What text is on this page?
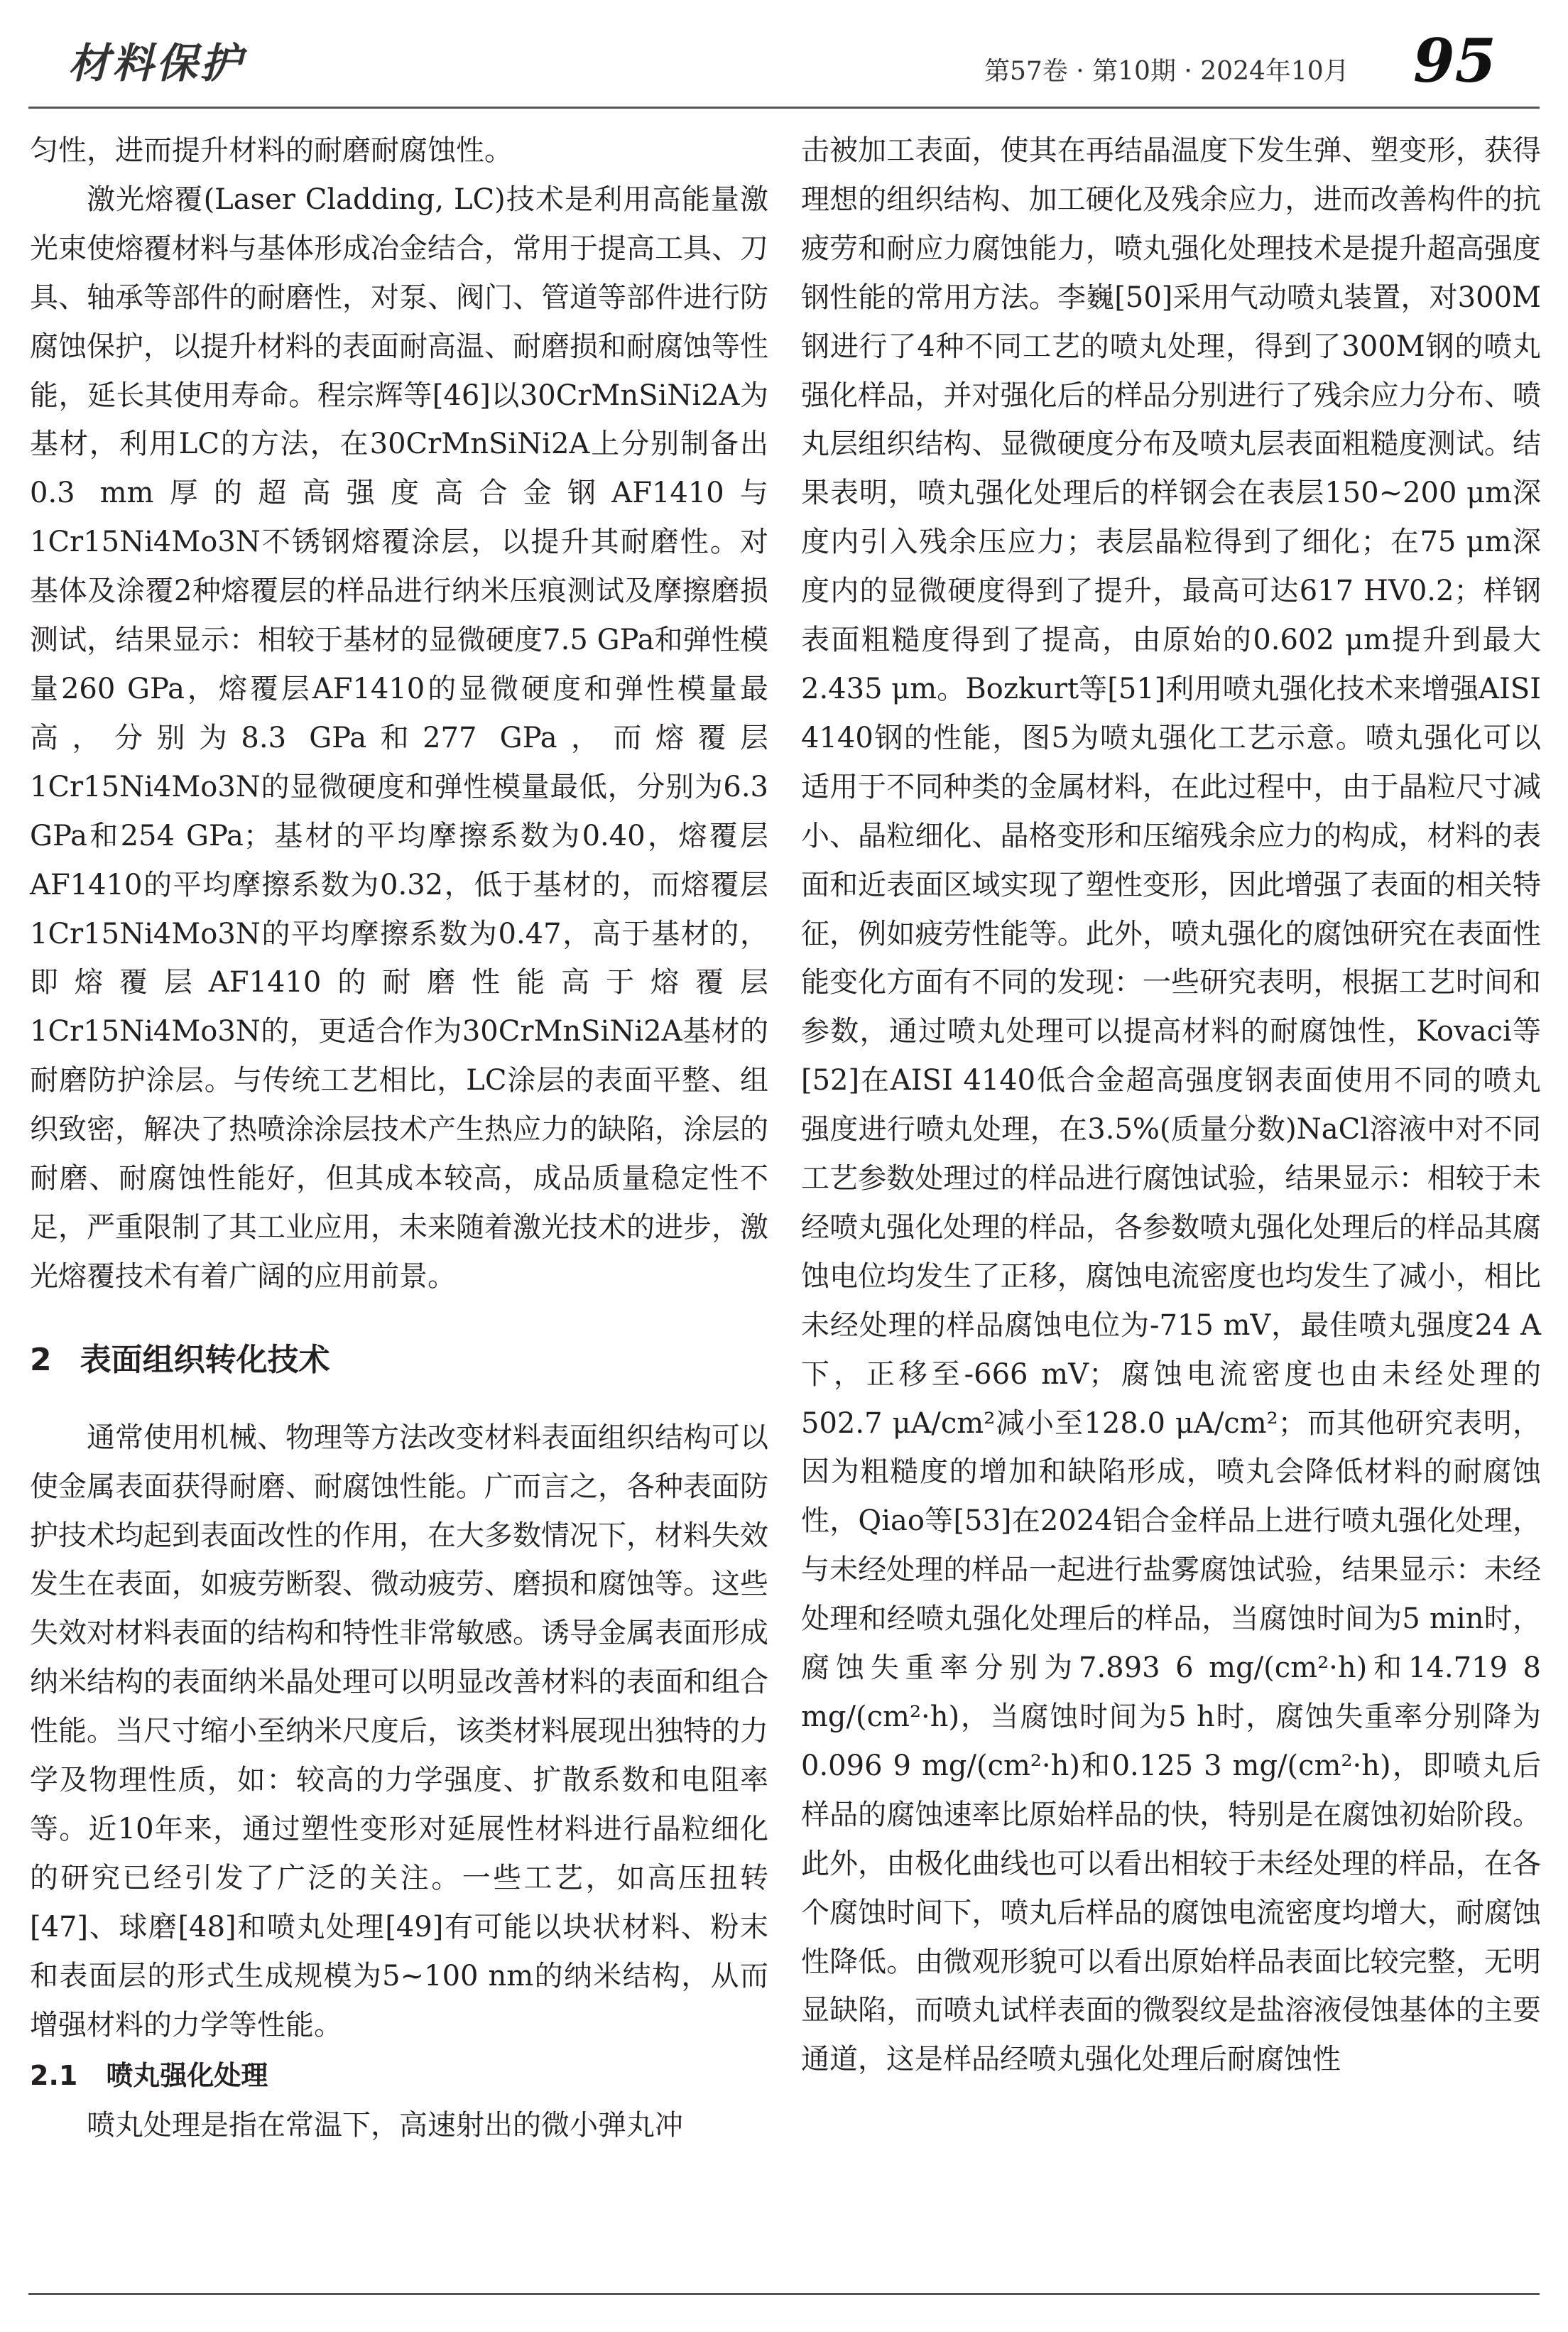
材料保护	第57卷 · 第10期 · 2024年10月 95

匀性，进而提升材料的耐磨耐腐蚀性。

激光熔覆(Laser Cladding, LC)技术是利用高能量激光束使熔覆材料与基体形成冶金结合，常用于提高工具、刀具、轴承等部件的耐磨性，对泵、阀门、管道等部件进行防腐蚀保护，以提升材料的表面耐高温、耐磨损和耐腐蚀等性能，延长其使用寿命。程宗辉等[46]以30CrMnSiNi2A为基材，利用LC的方法，在30CrMnSiNi2A上分别制备出0.3 mm厚的超高强度高合金钢AF1410与1Cr15Ni4Mo3N不锈钢熔覆涂层，以提升其耐磨性。对基体及涂覆2种熔覆层的样品进行纳米压痕测试及摩擦磨损测试，结果显示：相较于基材的显微硬度7.5 GPa和弹性模量260 GPa，熔覆层AF1410的显微硬度和弹性模量最高，分别为8.3 GPa和277 GPa，而熔覆层1Cr15Ni4Mo3N的显微硬度和弹性模量最低，分别为6.3 GPa和254 GPa；基材的平均摩擦系数为0.40，熔覆层AF1410的平均摩擦系数为0.32，低于基材的，而熔覆层1Cr15Ni4Mo3N的平均摩擦系数为0.47，高于基材的，即熔覆层AF1410的耐磨性能高于熔覆层1Cr15Ni4Mo3N的，更适合作为30CrMnSiNi2A基材的耐磨防护涂层。与传统工艺相比，LC涂层的表面平整、组织致密，解决了热喷涂涂层技术产生热应力的缺陷，涂层的耐磨、耐腐蚀性能好，但其成本较高，成品质量稳定性不足，严重限制了其工业应用，未来随着激光技术的进步，激光熔覆技术有着广阔的应用前景。

2 表面组织转化技术

通常使用机械、物理等方法改变材料表面组织结构可以使金属表面获得耐磨、耐腐蚀性能。广而言之，各种表面防护技术均起到表面改性的作用，在大多数情况下，材料失效发生在表面，如疲劳断裂、微动疲劳、磨损和腐蚀等。这些失效对材料表面的结构和特性非常敏感。诱导金属表面形成纳米结构的表面纳米晶处理可以明显改善材料的表面和组合性能。当尺寸缩小至纳米尺度后，该类材料展现出独特的力学及物理性质，如：较高的力学强度、扩散系数和电阻率等。近10年来，通过塑性变形对延展性材料进行晶粒细化的研究已经引发了广泛的关注。一些工艺，如高压扭转[47]、球磨[48]和喷丸处理[49]有可能以块状材料、粉末和表面层的形式生成规模为5~100 nm的纳米结构，从而增强材料的力学等性能。

2.1 喷丸强化处理

喷丸处理是指在常温下，高速射出的微小弹丸冲

击被加工表面，使其在再结晶温度下发生弹、塑变形，获得理想的组织结构、加工硬化及残余应力，进而改善构件的抗疲劳和耐应力腐蚀能力，喷丸强化处理技术是提升超高强度钢性能的常用方法。李巍[50]采用气动喷丸装置，对300M钢进行了4种不同工艺的喷丸处理，得到了300M钢的喷丸强化样品，并对强化后的样品分别进行了残余应力分布、喷丸层组织结构、显微硬度分布及喷丸层表面粗糙度测试。结果表明，喷丸强化处理后的样钢会在表层150~200 μm深度内引入残余压应力；表层晶粒得到了细化；在75 μm深度内的显微硬度得到了提升，最高可达617 HV0.2；样钢表面粗糙度得到了提高，由原始的0.602 μm提升到最大2.435 μm。Bozkurt等[51]利用喷丸强化技术来增强AISI 4140钢的性能，图5为喷丸强化工艺示意。喷丸强化可以适用于不同种类的金属材料，在此过程中，由于晶粒尺寸减小、晶粒细化、晶格变形和压缩残余应力的构成，材料的表面和近表面区域实现了塑性变形，因此增强了表面的相关特征，例如疲劳性能等。此外，喷丸强化的腐蚀研究在表面性能变化方面有不同的发现：一些研究表明，根据工艺时间和参数，通过喷丸处理可以提高材料的耐腐蚀性，Kovaci等[52]在AISI 4140低合金超高强度钢表面使用不同的喷丸强度进行喷丸处理，在3.5%(质量分数)NaCl溶液中对不同工艺参数处理过的样品进行腐蚀试验，结果显示：相较于未经喷丸强化处理的样品，各参数喷丸强化处理后的样品其腐蚀电位均发生了正移，腐蚀电流密度也均发生了减小，相比未经处理的样品腐蚀电位为-715 mV，最佳喷丸强度24 A下，正移至-666 mV；腐蚀电流密度也由未经处理的502.7 μA/cm²减小至128.0 μA/cm²；而其他研究表明，因为粗糙度的增加和缺陷形成，喷丸会降低材料的耐腐蚀性，Qiao等[53]在2024铝合金样品上进行喷丸强化处理，与未经处理的样品一起进行盐雾腐蚀试验，结果显示：未经处理和经喷丸强化处理后的样品，当腐蚀时间为5 min时，腐蚀失重率分别为7.893 6 mg/(cm²·h)和14.719 8 mg/(cm²·h)，当腐蚀时间为5 h时，腐蚀失重率分别降为0.096 9 mg/(cm²·h)和0.125 3 mg/(cm²·h)，即喷丸后样品的腐蚀速率比原始样品的快，特别是在腐蚀初始阶段。此外，由极化曲线也可以看出相较于未经处理的样品，在各个腐蚀时间下，喷丸后样品的腐蚀电流密度均增大，耐腐蚀性降低。由微观形貌可以看出原始样品表面比较完整，无明显缺陷，而喷丸试样表面的微裂纹是盐溶液侵蚀基体的主要通道，这是样品经喷丸强化处理后耐腐蚀性
